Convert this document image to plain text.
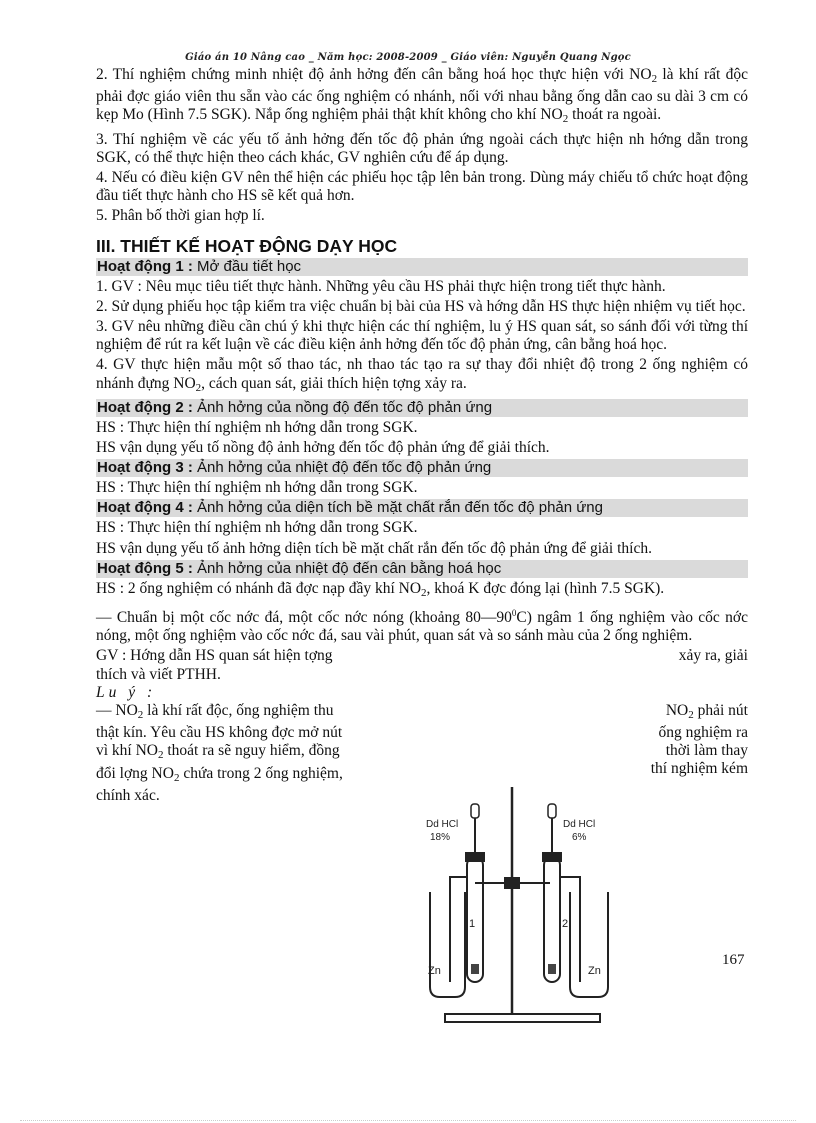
Giáo án 10 Nâng cao _ Năm học: 2008-2009 _ Giáo viên: Nguyễn Quang Ngọc

2. Thí nghiệm chứng minh nhiệt độ ảnh hởng đến cân bằng hoá học thực hiện với $NO_2$ là khí rất độc phải đợc giáo viên thu sẵn vào các ống nghiệm có nhánh, nối với nhau bằng ống dẫn cao su dài 3 cm có kẹp Mo (Hình 7.5 SGK). Nắp ống nghiệm phải thật khít không cho khí $NO_2$ thoát ra ngoài.

3. Thí nghiệm về các yếu tố ảnh hởng đến tốc độ phản ứng ngoài cách thực hiện nh hớng dẫn trong SGK, có thể thực hiện theo cách khác, GV nghiên cứu để áp dụng.

4. Nếu có điều kiện GV nên thể hiện các phiếu học tập lên bản trong. Dùng máy chiếu tổ chức hoạt động đầu tiết thực hành cho HS sẽ kết quả hơn.

5. Phân bố thời gian hợp lí.

III. THIẾT KẾ HOẠT ĐỘNG DẠY HỌC
Hoạt động 1 : Mở đầu tiết học

1. GV : Nêu mục tiêu tiết thực hành. Những yêu cầu HS phải thực hiện trong tiết thực hành.

2. Sử dụng phiếu học tập kiểm tra việc chuẩn bị bài của HS và hớng dẫn HS thực hiện nhiệm vụ tiết học.

3. GV nêu những điều cần chú ý khi thực hiện các thí nghiệm, lu ý HS quan sát, so sánh đối với từng thí nghiệm để rút ra kết luận về các điều kiện ảnh hởng đến tốc độ phản ứng, cân bằng hoá học.

4. GV thực hiện mẫu một số thao tác, nh thao tác tạo ra sự thay đổi nhiệt độ trong 2 ống nghiệm có nhánh đựng $NO_2$, cách quan sát, giải thích hiện tợng xảy ra.

Hoạt động 2 : Ảnh hởng của nồng độ đến tốc độ phản ứng

HS : Thực hiện thí nghiệm nh hớng dẫn trong SGK.

HS vận dụng yếu tố nồng độ ảnh hởng đến tốc độ phản ứng để giải thích.

Hoạt động 3 : Ảnh hởng của nhiệt độ đến tốc độ phản ứng

HS : Thực hiện thí nghiệm nh hớng dẫn trong SGK.

Hoạt động 4 : Ảnh hởng của diện tích bề mặt chất rắn đến tốc độ phản ứng

HS : Thực hiện thí nghiệm nh hớng dẫn trong SGK.

HS vận dụng yếu tố ảnh hởng diện tích bề mặt chất rắn đến tốc độ phản ứng để giải thích.

Hoạt động 5 : Ảnh hởng của nhiệt độ đến cân bằng hoá học

HS : 2 ống nghiệm có nhánh đã đợc nạp đầy khí $NO_2$, khoá K đợc đóng lại (hình 7.5 SGK).

— Chuẩn bị một cốc nớc đá, một cốc nớc nóng (khoảng $80—90^0C$) ngâm 1 ống nghiệm vào cốc nớc nóng, một ống nghiệm vào cốc nớc đá, sau vài phút, quan sát và so sánh màu của 2 ống nghiệm.

GV : Hớng dẫn HS quan sát hiện tợng
thích và viết PTHH.
Lu ý :
— $NO_2$ là khí rất độc, ống nghiệm thu
thật kín. Yêu cầu HS không đợc mở nút
vì khí $NO_2$ thoát ra sẽ nguy hiểm, đồng
đổi lợng $NO_2$ chứa trong 2 ống nghiệm,
chính xác.
xảy ra, giải
$NO_2$ phải nút
ống nghiệm ra
thời làm thay
thí nghiệm kém
Dd HCl
18%
Dd HCl
6%
1	2
Zn	Zn
167
